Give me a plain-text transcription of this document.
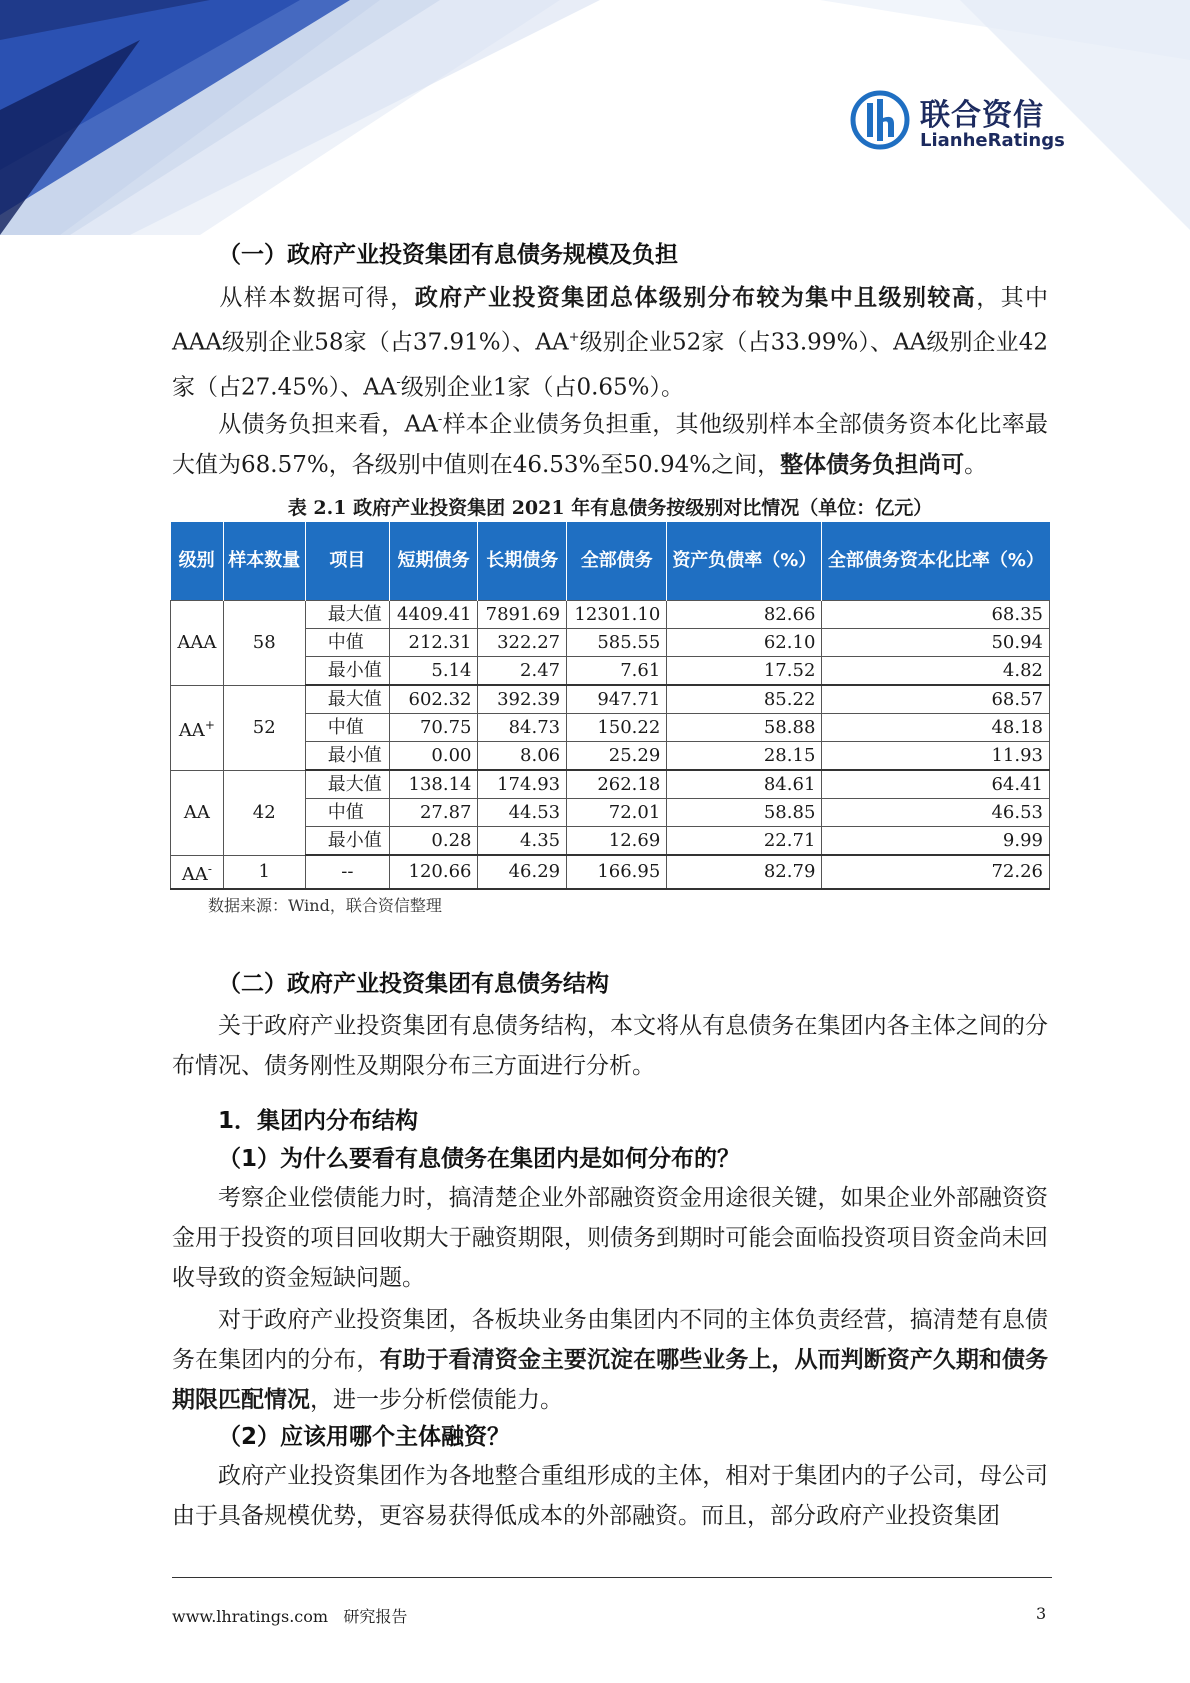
联合资信
LianheRatings
（一）政府产业投资集团有息债务规模及负担
从样本数据可得，政府产业投资集团总体级别分布较为集中且级别较高，其中AAA级别企业58家（占37.91%）、AA+级别企业52家（占33.99%）、AA级别企业42家（占27.45%）、AA-级别企业1家（占0.65%）。
从债务负担来看，AA-样本企业债务负担重，其他级别样本全部债务资本化比率最大值为68.57%，各级别中值则在46.53%至50.94%之间，整体债务负担尚可。
表 2.1 政府产业投资集团 2021 年有息债务按级别对比情况（单位：亿元）
级别	样本数量	项目	短期债务	长期债务	全部债务	资产负债率（%）	全部债务资本化比率（%）
AAA	58	最大值	4409.41	7891.69	12301.10	82.66	68.35
		中值	212.31	322.27	585.55	62.10	50.94
		最小值	5.14	2.47	7.61	17.52	4.82
AA+	52	最大值	602.32	392.39	947.71	85.22	68.57
		中值	70.75	84.73	150.22	58.88	48.18
		最小值	0.00	8.06	25.29	28.15	11.93
AA	42	最大值	138.14	174.93	262.18	84.61	64.41
		中值	27.87	44.53	72.01	58.85	46.53
		最小值	0.28	4.35	12.69	22.71	9.99
AA-	1	--	120.66	46.29	166.95	82.79	72.26
数据来源：Wind，联合资信整理
（二）政府产业投资集团有息债务结构
关于政府产业投资集团有息债务结构，本文将从有息债务在集团内各主体之间的分布情况、债务刚性及期限分布三方面进行分析。
1．集团内分布结构
（1）为什么要看有息债务在集团内是如何分布的？
考察企业偿债能力时，搞清楚企业外部融资资金用途很关键，如果企业外部融资资金用于投资的项目回收期大于融资期限，则债务到期时可能会面临投资项目资金尚未回收导致的资金短缺问题。
对于政府产业投资集团，各板块业务由集团内不同的主体负责经营，搞清楚有息债务在集团内的分布，有助于看清资金主要沉淀在哪些业务上，从而判断资产久期和债务期限匹配情况，进一步分析偿债能力。
（2）应该用哪个主体融资？
政府产业投资集团作为各地整合重组形成的主体，相对于集团内的子公司，母公司由于具备规模优势，更容易获得低成本的外部融资。而且，部分政府产业投资集团
www.lhratings.com 研究报告	3
